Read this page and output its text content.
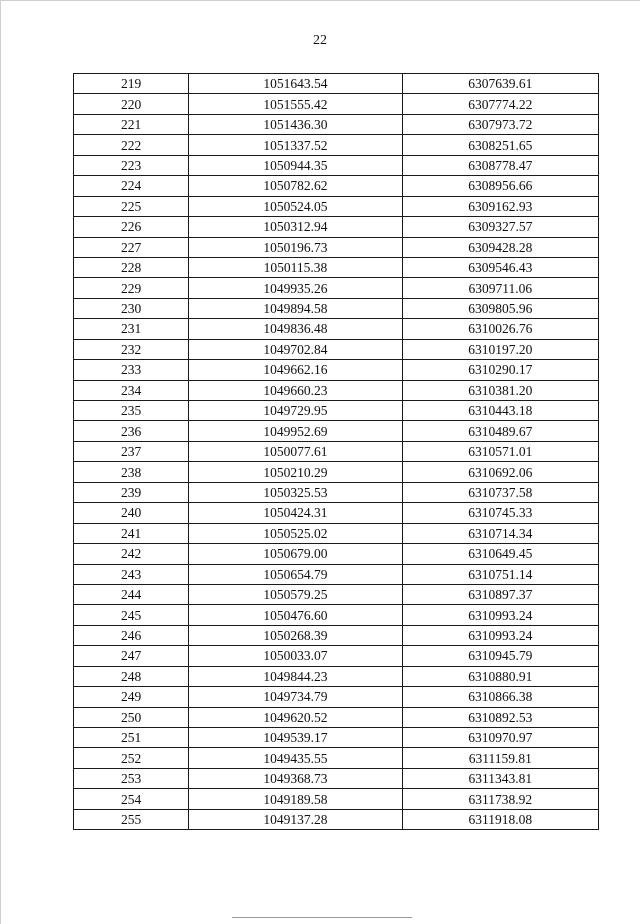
22
219	1051643.54	6307639.61
220	1051555.42	6307774.22
221	1051436.30	6307973.72
222	1051337.52	6308251.65
223	1050944.35	6308778.47
224	1050782.62	6308956.66
225	1050524.05	6309162.93
226	1050312.94	6309327.57
227	1050196.73	6309428.28
228	1050115.38	6309546.43
229	1049935.26	6309711.06
230	1049894.58	6309805.96
231	1049836.48	6310026.76
232	1049702.84	6310197.20
233	1049662.16	6310290.17
234	1049660.23	6310381.20
235	1049729.95	6310443.18
236	1049952.69	6310489.67
237	1050077.61	6310571.01
238	1050210.29	6310692.06
239	1050325.53	6310737.58
240	1050424.31	6310745.33
241	1050525.02	6310714.34
242	1050679.00	6310649.45
243	1050654.79	6310751.14
244	1050579.25	6310897.37
245	1050476.60	6310993.24
246	1050268.39	6310993.24
247	1050033.07	6310945.79
248	1049844.23	6310880.91
249	1049734.79	6310866.38
250	1049620.52	6310892.53
251	1049539.17	6310970.97
252	1049435.55	6311159.81
253	1049368.73	6311343.81
254	1049189.58	6311738.92
255	1049137.28	6311918.08
